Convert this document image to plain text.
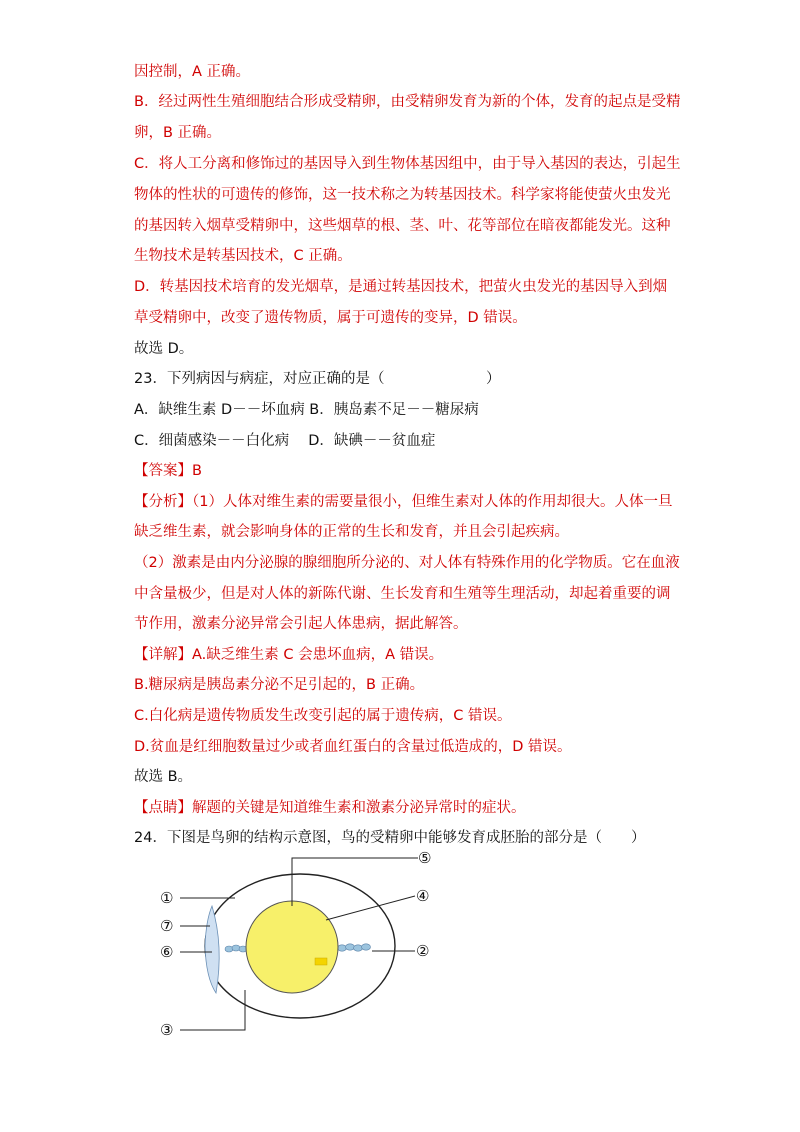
因控制，A 正确。
B．经过两性生殖细胞结合形成受精卵，由受精卵发育为新的个体，发育的起点是受精
卵，B 正确。
C．将人工分离和修饰过的基因导入到生物体基因组中，由于导入基因的表达，引起生
物体的性状的可遗传的修饰，这一技术称之为转基因技术。科学家将能使萤火虫发光
的基因转入烟草受精卵中，这些烟草的根、茎、叶、花等部位在暗夜都能发光。这种
生物技术是转基因技术，C 正确。
D．转基因技术培育的发光烟草，是通过转基因技术，把萤火虫发光的基因导入到烟
草受精卵中，改变了遗传物质，属于可遗传的变异，D 错误。
故选 D。
23．下列病因与病症，对应正确的是（　　　　　　　）
A．缺维生素 D－－坏血病 B．胰岛素不足－－糖尿病
C．细菌感染－－白化病　 D．缺碘－－贫血症
【答案】B
【分析】（1）人体对维生素的需要量很小，但维生素对人体的作用却很大。人体一旦
缺乏维生素，就会影响身体的正常的生长和发育，并且会引起疾病。
（2）激素是由内分泌腺的腺细胞所分泌的、对人体有特殊作用的化学物质。它在血液
中含量极少，但是对人体的新陈代谢、生长发育和生殖等生理活动，却起着重要的调
节作用，激素分泌异常会引起人体患病，据此解答。
【详解】A.缺乏维生素 C 会患坏血病，A 错误。
B.糖尿病是胰岛素分泌不足引起的，B 正确。
C.白化病是遗传物质发生改变引起的属于遗传病，C 错误。
D.贫血是红细胞数量过少或者血红蛋白的含量过低造成的，D 错误。
故选 B。
【点睛】解题的关键是知道维生素和激素分泌异常时的症状。
24．下图是鸟卵的结构示意图，鸟的受精卵中能够发育成胚胎的部分是（　　）
①
⑦
⑥
③
⑤
④
②
